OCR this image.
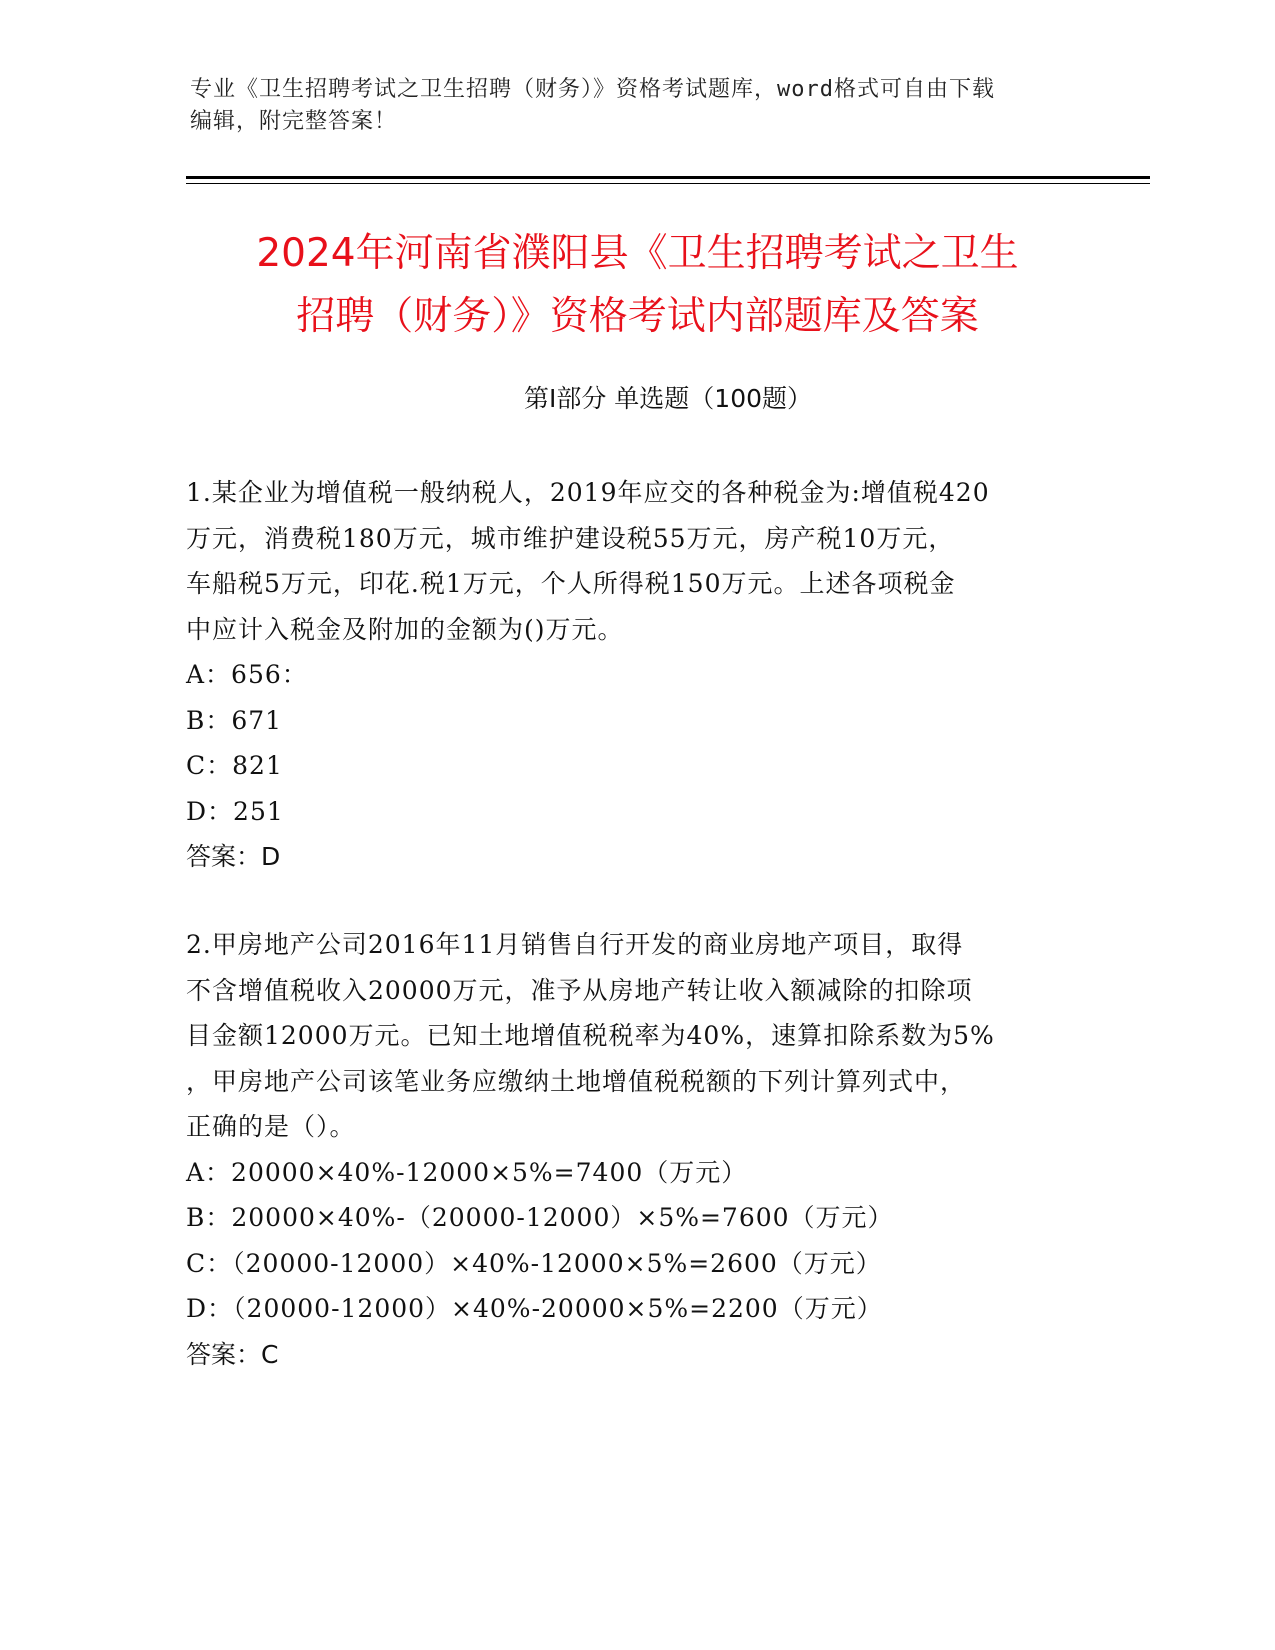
专业《卫生招聘考试之卫生招聘（财务）》资格考试题库，word格式可自由下载
编辑，附完整答案！
2024年河南省濮阳县《卫生招聘考试之卫生
招聘（财务）》资格考试内部题库及答案
第Ⅰ部分 单选题（100题）
1.某企业为增值税一般纳税人，2019年应交的各种税金为:增值税420
万元，消费税180万元，城市维护建设税55万元，房产税10万元，
车船税5万元，印花.税1万元，个人所得税150万元。上述各项税金
中应计入税金及附加的金额为()万元。
A：656：
B：671
C：821
D：251
答案：D
2.甲房地产公司2016年11月销售自行开发的商业房地产项目，取得
不含增值税收入20000万元，准予从房地产转让收入额减除的扣除项
目金额12000万元。已知土地增值税税率为40%，速算扣除系数为5%
，甲房地产公司该笔业务应缴纳土地增值税税额的下列计算列式中，
正确的是（）。
A：20000×40%-12000×5%=7400（万元）
B：20000×40%-（20000-12000）×5%=7600（万元）
C：（20000-12000）×40%-12000×5%=2600（万元）
D：（20000-12000）×40%-20000×5%=2200（万元）
答案：C
